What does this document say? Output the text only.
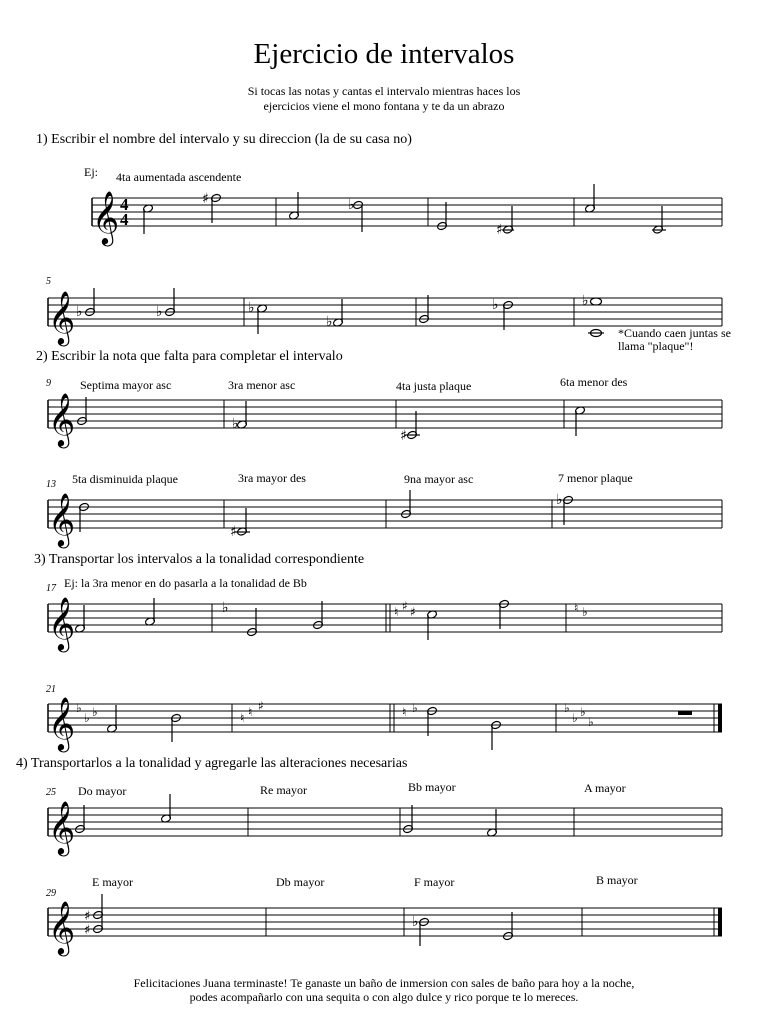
Ejercicio de intervalos
Si tocas las notas y cantas el intervalo mientras haces los
ejercicios viene el mono fontana y te da un abrazo
1) Escribir el nombre del intervalo y su direccion (la de su casa no)
2) Escribir la nota que falta para completar el intervalo
3) Transportar los intervalos a la tonalidad correspondiente
4) Transportarlos a la tonalidad y agregarle las alteraciones necesarias
Ej: 4ta aumentada ascendente
5
*Cuando caen juntas se
llama "plaque"!
9 Septima mayor asc	3ra menor asc	4ta justa plaque	6ta menor des
13 5ta disminuida plaque	3ra mayor des	9na mayor asc	7 menor plaque
17 Ej: la 3ra menor en do pasarla a la tonalidad de Bb
21
25 Do mayor	Re mayor	Bb mayor	A mayor
29
E mayor	Db mayor	F mayor	B mayor
𝄞 4
4
♯	♭
♯
𝄞 ♭	♭	♭
♭
♭	♭
𝄞	♭
♯
𝄞	♯
♭
𝄞	♭	♮ ♯ ♯	♮ ♭
𝄞 ♭
♭ ♭	♮ ♮ ♯	♮ ♭	♭
♭ ♭
♭
𝄞
𝄞 ♯
♯
♭
Felicitaciones Juana terminaste! Te ganaste un baño de inmersion con sales de baño para hoy a la noche,
podes acompañarlo con una sequita o con algo dulce y rico porque te lo mereces.
